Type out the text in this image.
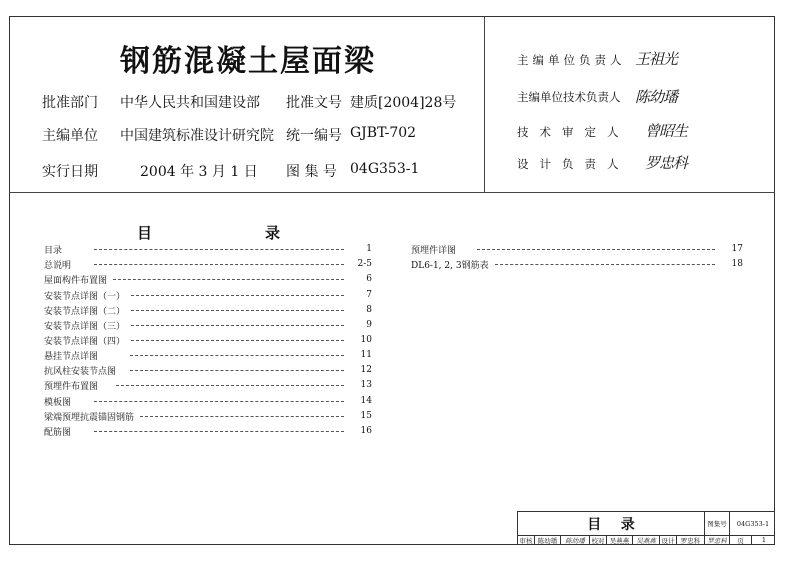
钢筋混凝土屋面梁
批准部门 中华人民共和国建设部 批准文号 建质[2004]28号
主编单位 中国建筑标准设计研究院 统一编号 GJBT-702
实行日期	2004 年 3 月 1 日 图 集 号 04G353-1
主编单位负责人 王祖光
主编单位技术负责人 陈幼璠
技术审定人 曾昭生
设计负责人 罗忠科
目	录
目录	1
总说明	2-5
屋面构件布置图	6
安装节点详图（一）	7
安装节点详图（二）	8
安装节点详图（三）	9
安装节点详图（四）	10
悬挂节点详图	11
抗风柱安装节点图	12
预埋件布置图	13
模板图	14
梁端预埋抗震锚固钢筋	15
配筋图	16
预埋件详图	17
DL6-1, 2, 3钢筋表	18
目    录	图集号	04G353-1
审核 陈幼璠	陈幼璠	校对 吴燕燕	吴燕燕 设计 罗忠科	罗忠科	页	1
